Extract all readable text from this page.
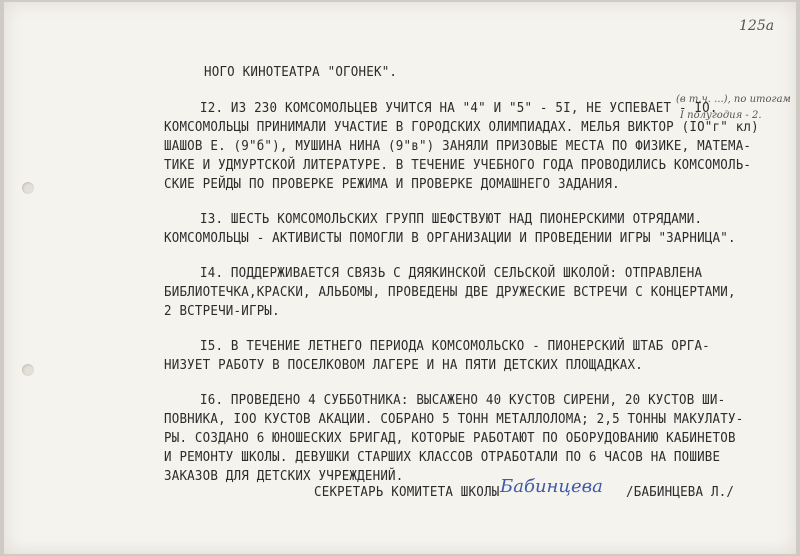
125a
НОГО КИНОТЕАТРА "ОГОНЕК".
I2. ИЗ 230 КОМСОМОЛЬЦЕВ УЧИТСЯ НА "4" И "5" - 5I, НЕ УСПЕВАЕТ - IO.
КОМСОМОЛЬЦЫ ПРИНИМАЛИ УЧАСТИЕ В ГОРОДСКИХ ОЛИМПИАДАХ. МЕЛЬЯ ВИКТОР (IO"г" кл)
ШАШОВ Е. (9"б"), МУШИНА НИНА (9"в") ЗАНЯЛИ ПРИЗОВЫЕ МЕСТА ПО ФИЗИКЕ, МАТЕМА-
ТИКЕ И УДМУРТСКОЙ ЛИТЕРАТУРЕ. В ТЕЧЕНИЕ УЧЕБНОГО ГОДА ПРОВОДИЛИСЬ КОМСОМОЛЬ-
СКИЕ РЕЙДЫ ПО ПРОВЕРКЕ РЕЖИМА И ПРОВЕРКЕ ДОМАШНЕГО ЗАДАНИЯ.
I3. ШЕСТЬ КОМСОМОЛЬСКИХ ГРУПП ШЕФСТВУЮТ НАД ПИОНЕРСКИМИ ОТРЯДАМИ.
КОМСОМОЛЬЦЫ - АКТИВИСТЫ ПОМОГЛИ В ОРГАНИЗАЦИИ И ПРОВЕДЕНИИ ИГРЫ "ЗАРНИЦА".
I4. ПОДДЕРЖИВАЕТСЯ СВЯЗЬ С ДЯЯКИНСКОЙ СЕЛЬСКОЙ ШКОЛОЙ: ОТПРАВЛЕНА
БИБЛИОТЕЧКА,КРАСКИ, АЛЬБОМЫ, ПРОВЕДЕНЫ ДВЕ ДРУЖЕСКИЕ ВСТРЕЧИ С КОНЦЕРТАМИ,
2 ВСТРЕЧИ-ИГРЫ.
I5. В ТЕЧЕНИЕ ЛЕТНЕГО ПЕРИОДА КОМСОМОЛЬСКО - ПИОНЕРСКИЙ ШТАБ ОРГА-
НИЗУЕТ РАБОТУ В ПОСЕЛКОВОМ ЛАГЕРЕ И НА ПЯТИ ДЕТСКИХ ПЛОЩАДКАХ.
I6. ПРОВЕДЕНО 4 СУББОТНИКА: ВЫСАЖЕНО 40 КУСТОВ СИРЕНИ, 20 КУСТОВ ШИ-
ПОВНИКА, IOO КУСТОВ АКАЦИИ. СОБРАНО 5 ТОНН МЕТАЛЛОЛОМА; 2,5 ТОННЫ МАКУЛАТУ-
РЫ. СОЗДАНО 6 ЮНОШЕСКИХ БРИГАД, КОТОРЫЕ РАБОТАЮТ ПО ОБОРУДОВАНИЮ КАБИНЕТОВ
И РЕМОНТУ ШКОЛЫ. ДЕВУШКИ СТАРШИХ КЛАССОВ ОТРАБОТАЛИ ПО 6 ЧАСОВ НА ПОШИВЕ
ЗАКАЗОВ ДЛЯ ДЕТСКИХ УЧРЕЖДЕНИЙ.
(в т.ч. ...), по итогам
I полугодия - 2.
СЕКРЕТАРЬ КОМИТЕТА ШКОЛЫ Бабинцева /БАБИНЦЕВА Л./
